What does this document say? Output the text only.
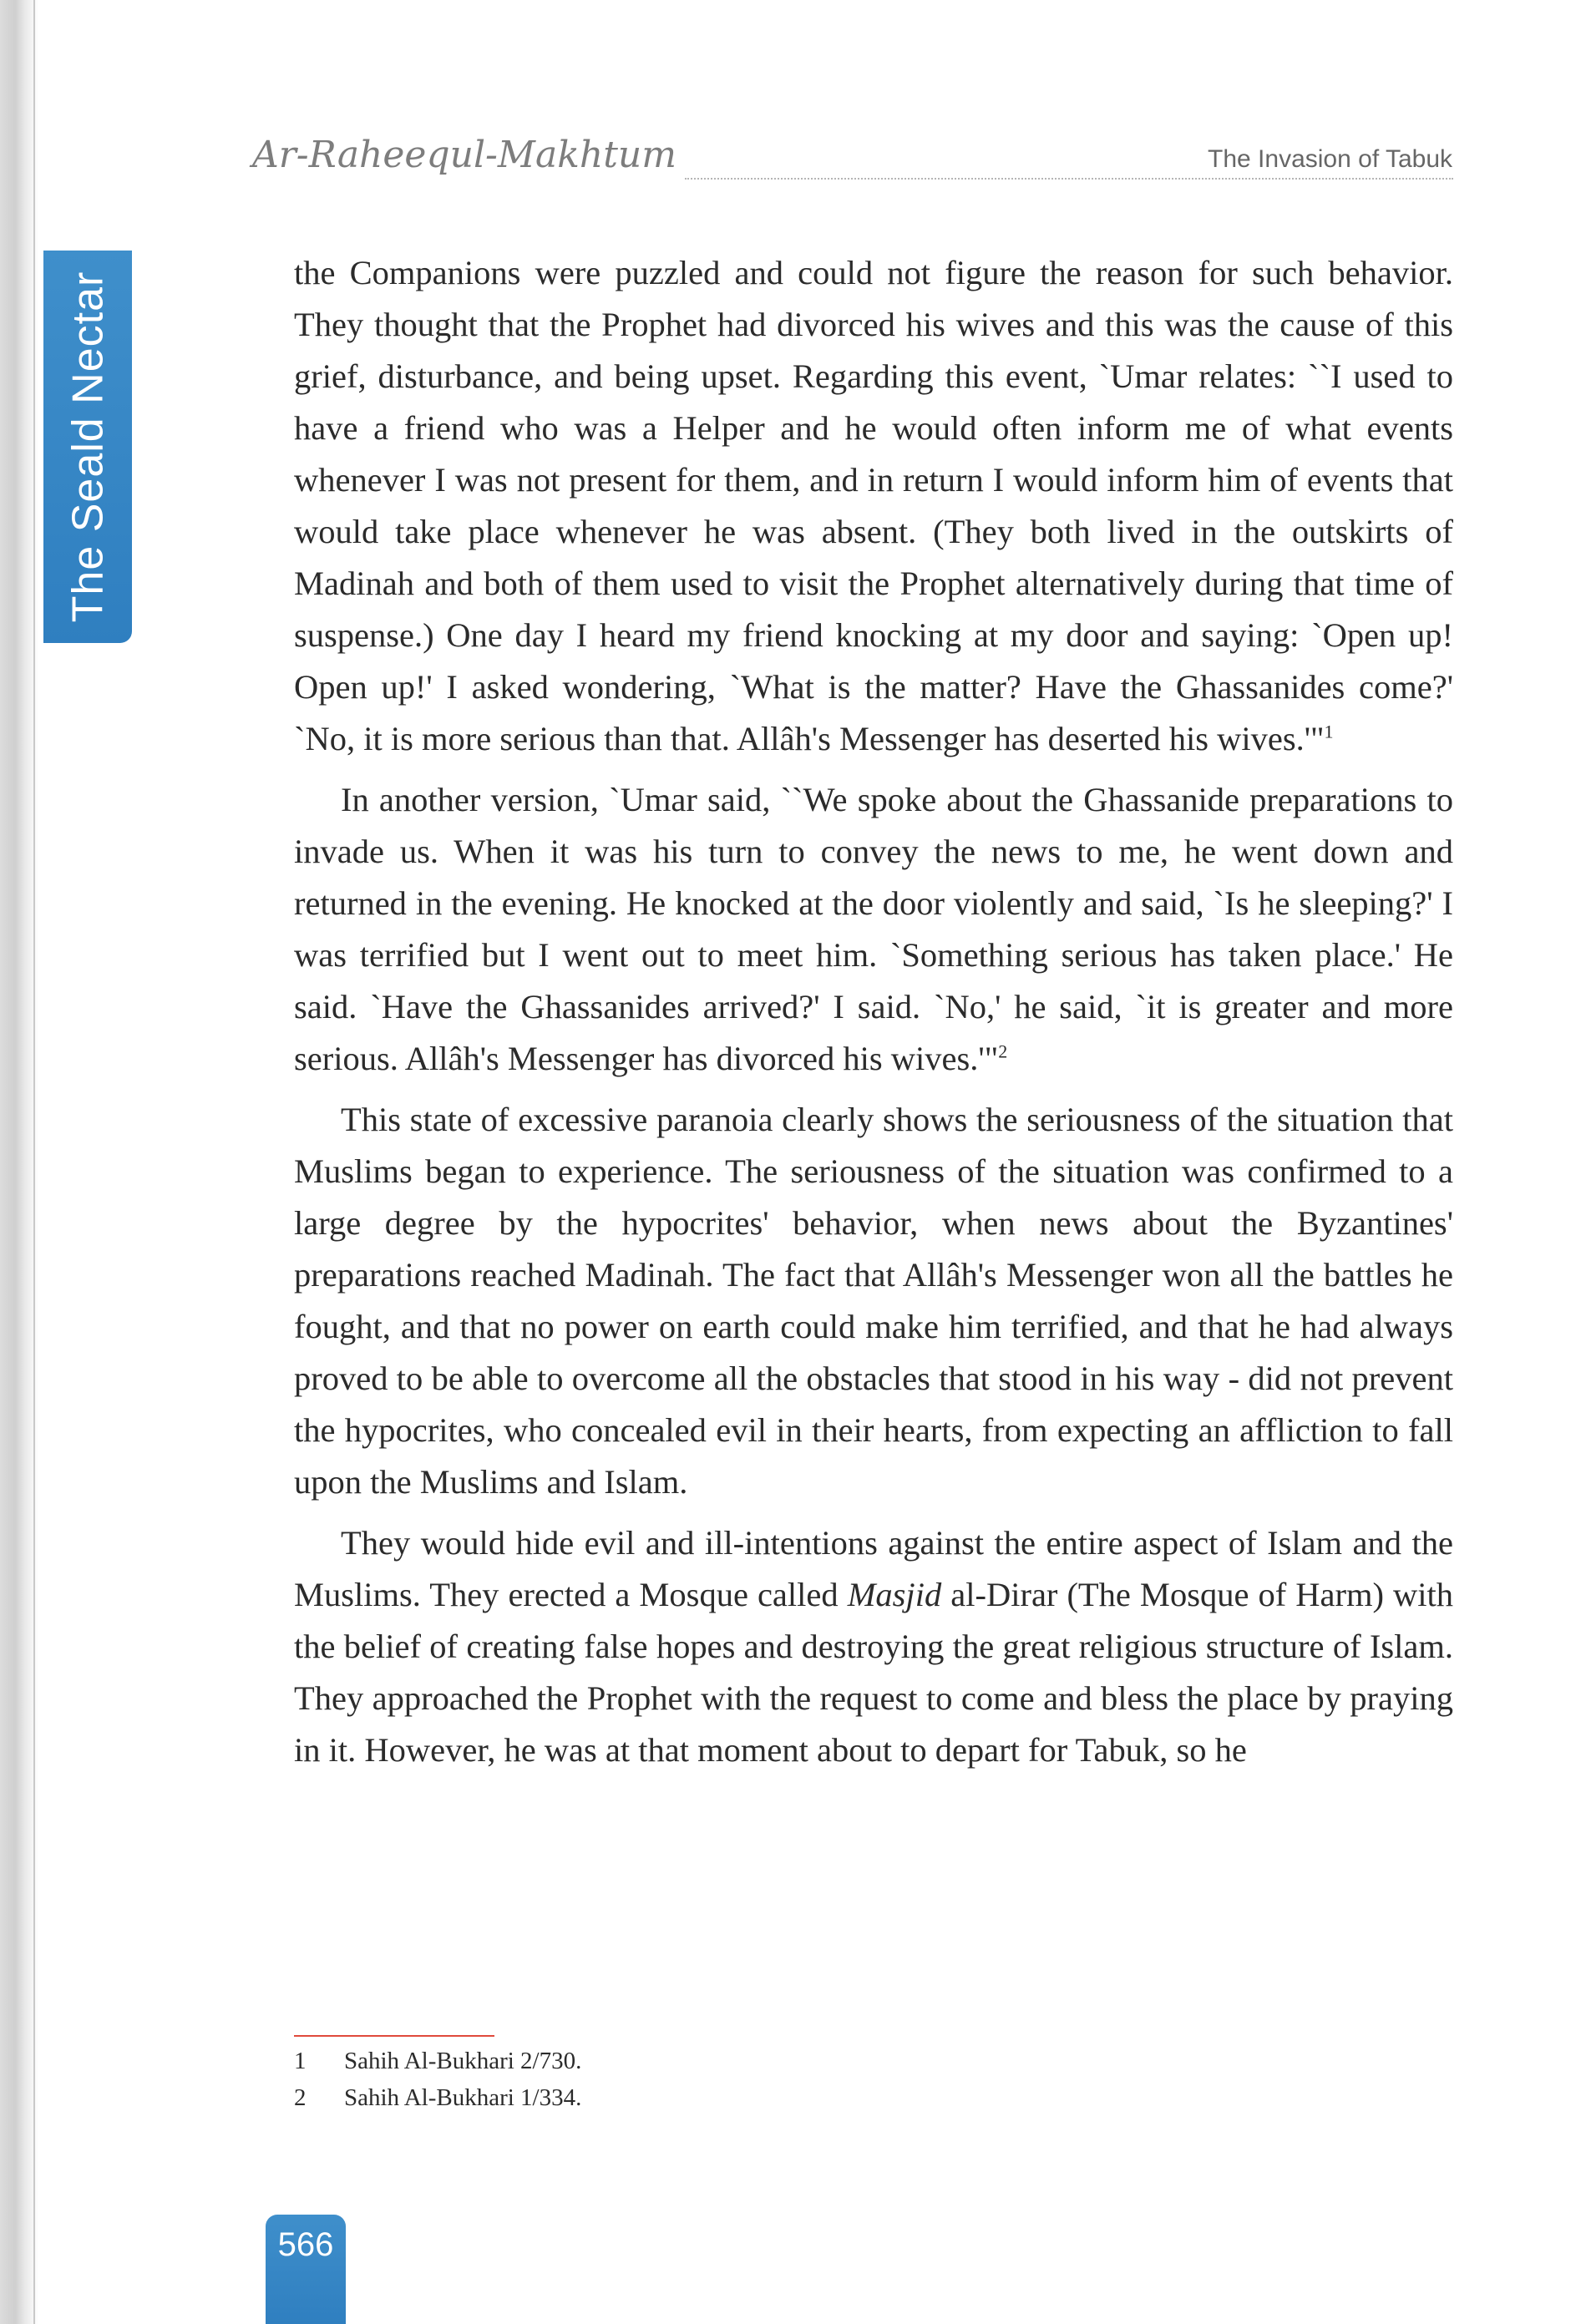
The Seald Nectar
Ar-Raheequl-Makhtum	The Invasion of Tabuk

the Companions were puzzled and could not figure the reason for such behavior. They thought that the Prophet had divorced his wives and this was the cause of this grief, disturbance, and being upset. Regarding this event, `Umar relates: ``I used to have a friend who was a Helper and he would often inform me of what events whenever I was not present for them, and in return I would inform him of events that would take place whenever he was absent. (They both lived in the outskirts of Madinah and both of them used to visit the Prophet alternatively during that time of suspense.) One day I heard my friend knocking at my door and saying: `Open up! Open up!' I asked wondering, `What is the matter? Have the Ghassanides come?' `No, it is more serious than that. Allâh's Messenger has deserted his wives.'"$^1$

In another version, `Umar said, ``We spoke about the Ghassanide preparations to invade us. When it was his turn to convey the news to me, he went down and returned in the evening. He knocked at the door violently and said, `Is he sleeping?' I was terrified but I went out to meet him. `Something serious has taken place.' He said. `Have the Ghassanides arrived?' I said. `No,' he said, `it is greater and more serious. Allâh's Messenger has divorced his wives.'"$^2$

This state of excessive paranoia clearly shows the seriousness of the situation that Muslims began to experience. The seriousness of the situation was confirmed to a large degree by the hypocrites' behavior, when news about the Byzantines' preparations reached Madinah. The fact that Allâh's Messenger won all the battles he fought, and that no power on earth could make him terrified, and that he had always proved to be able to overcome all the obstacles that stood in his way - did not prevent the hypocrites, who concealed evil in their hearts, from expecting an affliction to fall upon the Muslims and Islam.

They would hide evil and ill-intentions against the entire aspect of Islam and the Muslims. They erected a Mosque called Masjid al-Dirar (The Mosque of Harm) with the belief of creating false hopes and destroying the great religious structure of Islam. They approached the Prophet with the request to come and bless the place by praying in it. However, he was at that moment about to depart for Tabuk, so he

1 Sahih Al-Bukhari 2/730.
2 Sahih Al-Bukhari 1/334.
566
